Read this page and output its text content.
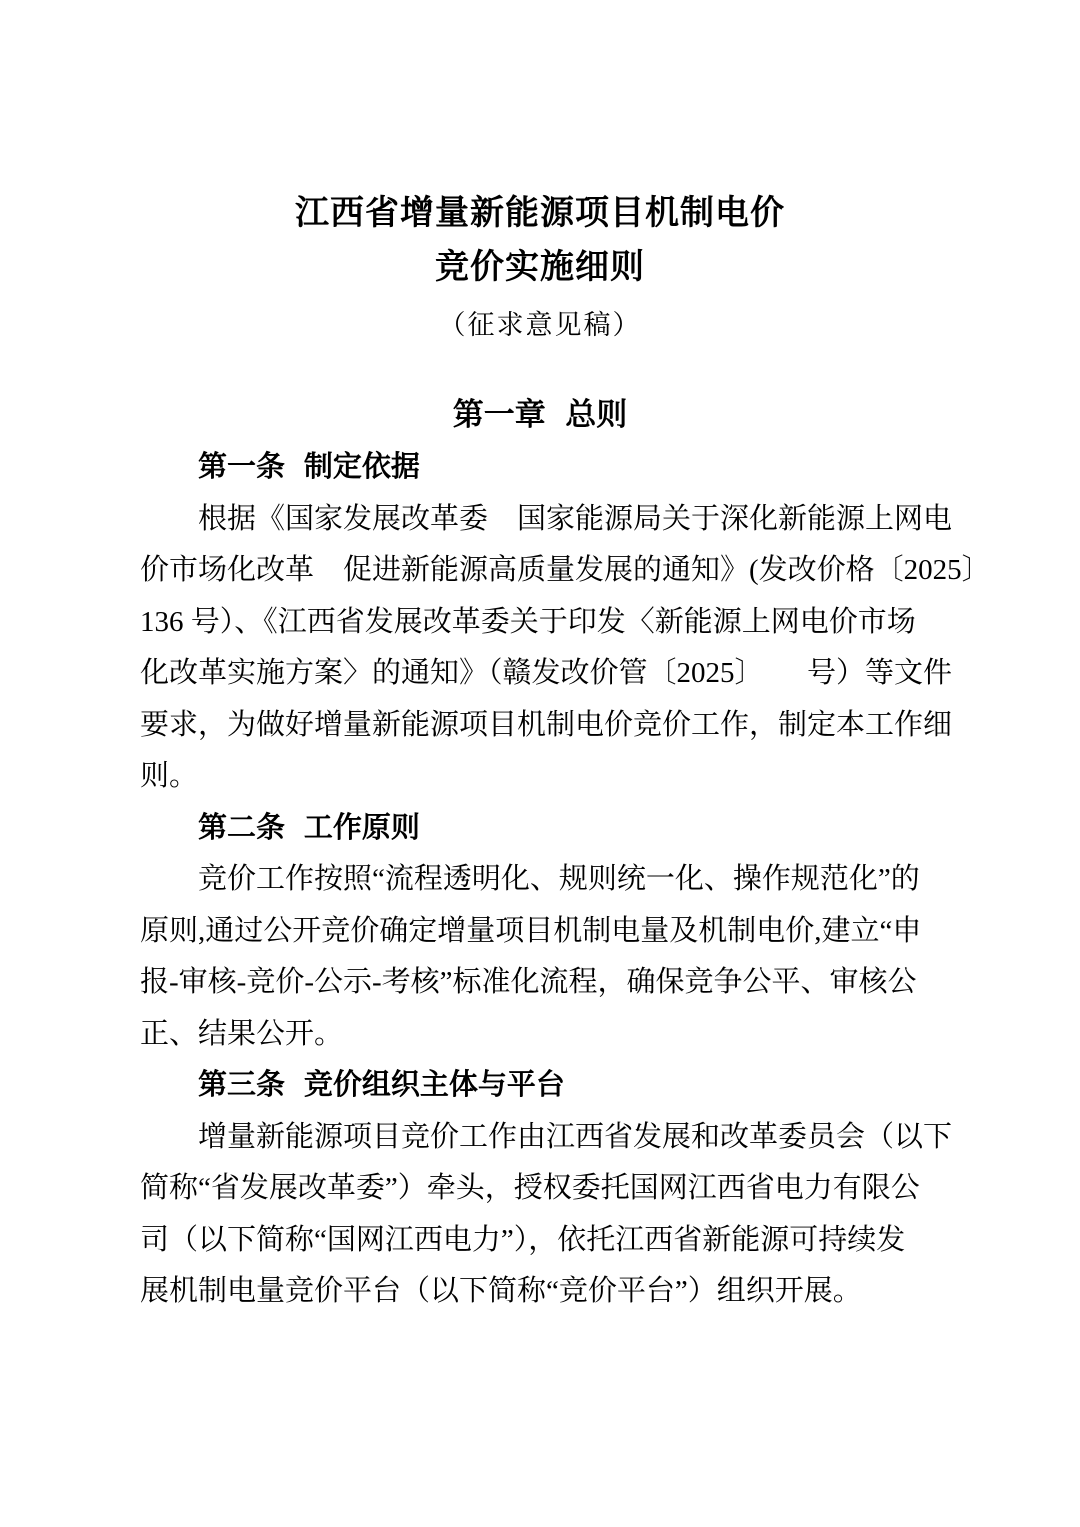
江西省增量新能源项目机制电价
竞价实施细则
（征求意见稿）
第一章 总则
第一条 制定依据
根据《国家发展改革委　国家能源局关于深化新能源上网电
价市场化改革　促进新能源高质量发展的通知》(发改价格〔2025〕
136 号）、《江西省发展改革委关于印发〈新能源上网电价市场
化改革实施方案〉的通知》（赣发改价管〔2025〕　　号）等文件
要求，为做好增量新能源项目机制电价竞价工作，制定本工作细
则。
第二条 工作原则
竞价工作按照“流程透明化、规则统一化、操作规范化”的
原则,通过公开竞价确定增量项目机制电量及机制电价,建立“申
报-审核-竞价-公示-考核”标准化流程，确保竞争公平、审核公
正、结果公开。
第三条 竞价组织主体与平台
增量新能源项目竞价工作由江西省发展和改革委员会（以下
简称“省发展改革委”）牵头，授权委托国网江西省电力有限公
司（以下简称“国网江西电力”），依托江西省新能源可持续发
展机制电量竞价平台（以下简称“竞价平台”）组织开展。
